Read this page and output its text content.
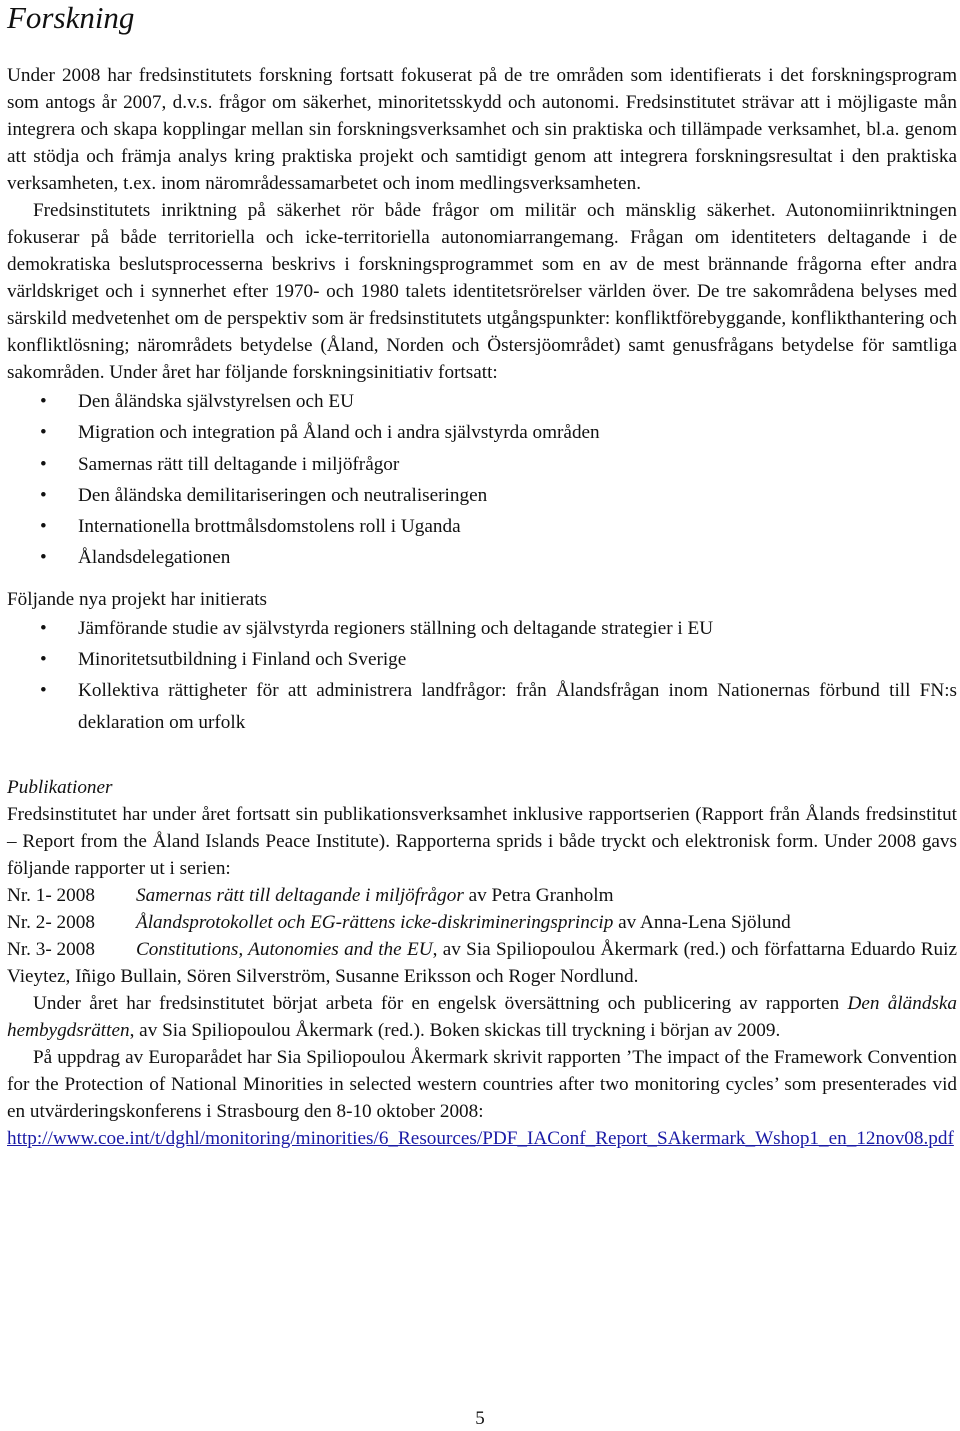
Forskning

Under 2008 har fredsinstitutets forskning fortsatt fokuserat på de tre områden som identifierats i det forskningsprogram som antogs år 2007, d.v.s. frågor om säkerhet, minoritetsskydd och autonomi. Fredsinstitutet strävar att i möjligaste mån integrera och skapa kopplingar mellan sin forskningsverksamhet och sin praktiska och tillämpade verksamhet, bl.a. genom att stödja och främja analys kring praktiska projekt och samtidigt genom att integrera forskningsresultat i den praktiska verksamheten, t.ex. inom närområdessamarbetet och inom medlingsverksamheten.

Fredsinstitutets inriktning på säkerhet rör både frågor om militär och mänsklig säkerhet. Autonomiinriktningen fokuserar på både territoriella och icke-territoriella autonomiarrangemang. Frågan om identiteters deltagande i de demokratiska beslutsprocesserna beskrivs i forskningsprogrammet som en av de mest brännande frågorna efter andra världskriget och i synnerhet efter 1970- och 1980 talets identitetsrörelser världen över. De tre sakområdena belyses med särskild medvetenhet om de perspektiv som är fredsinstitutets utgångspunkter: konfliktförebyggande, konflikthantering och konfliktlösning; närområdets betydelse (Åland, Norden och Östersjöområdet) samt genusfrågans betydelse för samtliga sakområden. Under året har följande forskningsinitiativ fortsatt:

• Den åländska självstyrelsen och EU
• Migration och integration på Åland och i andra självstyrda områden
• Samernas rätt till deltagande i miljöfrågor
• Den åländska demilitariseringen och neutraliseringen
• Internationella brottmålsdomstolens roll i Uganda
• Ålandsdelegationen

Följande nya projekt har initierats

• Jämförande studie av självstyrda regioners ställning och deltagande strategier i EU
• Minoritetsutbildning i Finland och Sverige
• Kollektiva rättigheter för att administrera landfrågor: från Ålandsfrågan inom Nationernas förbund till FN:s deklaration om urfolk

Publikationer

Fredsinstitutet har under året fortsatt sin publikationsverksamhet inklusive rapportserien (Rapport från Ålands fredsinstitut – Report from the Åland Islands Peace Institute). Rapporterna sprids i både tryckt och elektronisk form. Under 2008 gavs följande rapporter ut i serien:

Nr. 1- 2008	Samernas rätt till deltagande i miljöfrågor av Petra Granholm
Nr. 2- 2008	Ålandsprotokollet och EG-rättens icke-diskrimineringsprincip av Anna-Lena Sjölund

Nr. 3- 2008 Constitutions, Autonomies and the EU, av Sia Spiliopoulou Åkermark (red.) och författarna Eduardo Ruiz Vieytez, Iñigo Bullain, Sören Silverström, Susanne Eriksson och Roger Nordlund.

Under året har fredsinstitutet börjat arbeta för en engelsk översättning och publicering av rapporten Den åländska hembygdsrätten, av Sia Spiliopoulou Åkermark (red.). Boken skickas till tryckning i början av 2009.

På uppdrag av Europarådet har Sia Spiliopoulou Åkermark skrivit rapporten ’The impact of the Framework Convention for the Protection of National Minorities in selected western countries after two monitoring cycles’ som presenterades vid en utvärderingskonferens i Strasbourg den 8-10 oktober 2008:

http://www.coe.int/t/dghl/monitoring/minorities/6_Resources/PDF_IAConf_Report_SAkermark_Wshop1_en_12nov08.pdf

5
